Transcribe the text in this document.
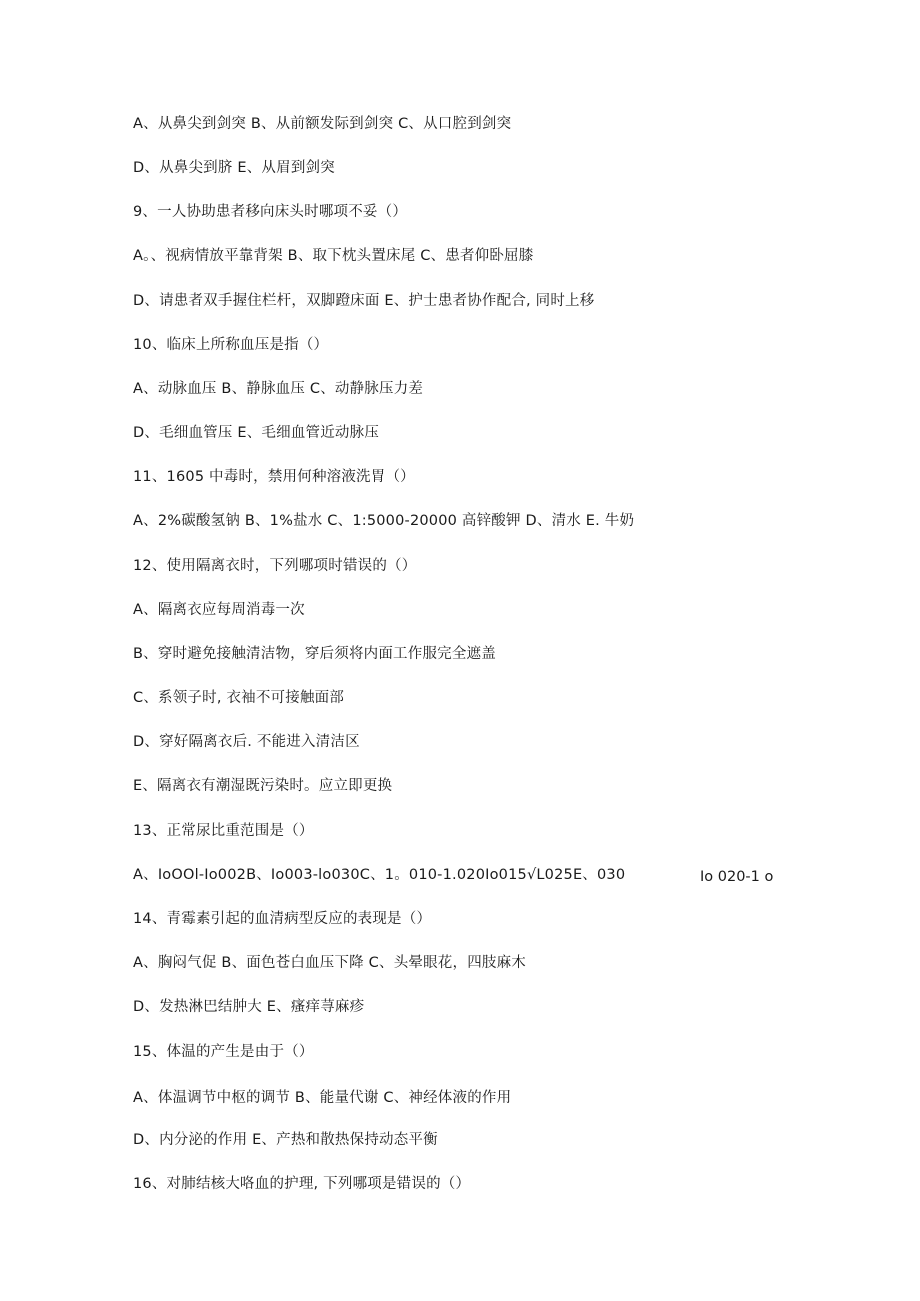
A、从鼻尖到剑突 B、从前额发际到剑突 C、从口腔到剑突
D、从鼻尖到脐 E、从眉到剑突
9、一人协助患者移向床头时哪项不妥（）
A。、视病情放平靠背架 B、取下枕头置床尾 C、患者仰卧屈膝
D、请患者双手握住栏杆，双脚蹬床面 E、护士患者协作配合, 同时上移
10、临床上所称血压是指（）
A、动脉血压 B、静脉血压 C、动静脉压力差
D、毛细血管压 E、毛细血管近动脉压
11、1605 中毒时，禁用何种溶液洗胃（）
A、2%碳酸氢钠 B、1%盐水 C、1:5000-20000 高锌酸钾 D、清水 E. 牛奶
12、使用隔离衣时，下列哪项时错误的（）
A、隔离衣应每周消毒一次
B、穿时避免接触清洁物，穿后须将内面工作服完全遮盖
C、系领子时, 衣袖不可接触面部
D、穿好隔离衣后. 不能进入清洁区
E、隔离衣有潮湿既污染时。应立即更换
13、正常尿比重范围是（）
A、IoOOl-Io002B、Io003-lo030C、1。010-1.020Io015√L025E、030	Io 020-1 o
14、青霉素引起的血清病型反应的表现是（）
A、胸闷气促 B、面色苍白血压下降 C、头晕眼花，四肢麻木
D、发热淋巴结肿大 E、瘙痒荨麻疹
15、体温的产生是由于（）
A、体温调节中枢的调节 B、能量代谢 C、神经体液的作用
D、内分泌的作用 E、产热和散热保持动态平衡
16、对肺结核大咯血的护理, 下列哪项是错误的（）
